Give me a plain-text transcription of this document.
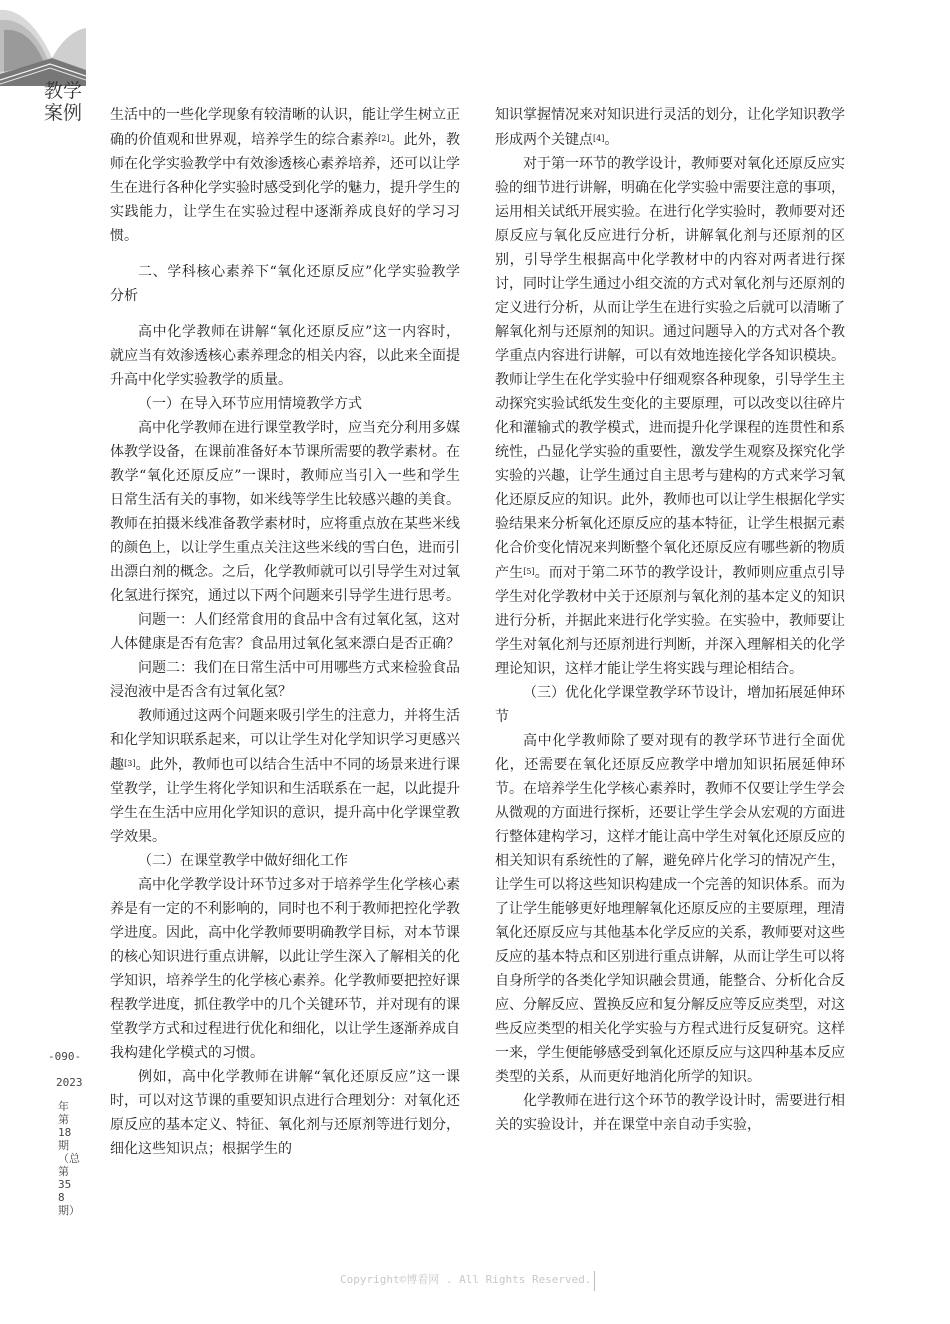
教学案例
-090-
2023
年第18期（总第358期）

生活中的一些化学现象有较清晰的认识，能让学生树立正确的价值观和世界观，培养学生的综合素养[2]。此外，教师在化学实验教学中有效渗透核心素养培养，还可以让学生在进行各种化学实验时感受到化学的魅力，提升学生的实践能力，让学生在实验过程中逐渐养成良好的学习习惯。

二、学科核心素养下“氧化还原反应”化学实验教学分析

高中化学教师在讲解“氧化还原反应”这一内容时，就应当有效渗透核心素养理念的相关内容，以此来全面提升高中化学实验教学的质量。

（一）在导入环节应用情境教学方式

高中化学教师在进行课堂教学时，应当充分利用多媒体教学设备，在课前准备好本节课所需要的教学素材。在教学“氧化还原反应”一课时，教师应当引入一些和学生日常生活有关的事物，如米线等学生比较感兴趣的美食。教师在拍摄米线准备教学素材时，应将重点放在某些米线的颜色上，以让学生重点关注这些米线的雪白色，进而引出漂白剂的概念。之后，化学教师就可以引导学生对过氧化氢进行探究，通过以下两个问题来引导学生进行思考。

问题一：人们经常食用的食品中含有过氧化氢，这对人体健康是否有危害？食品用过氧化氢来漂白是否正确？

问题二：我们在日常生活中可用哪些方式来检验食品浸泡液中是否含有过氧化氢？

教师通过这两个问题来吸引学生的注意力，并将生活和化学知识联系起来，可以让学生对化学知识学习更感兴趣[3]。此外，教师也可以结合生活中不同的场景来进行课堂教学，让学生将化学知识和生活联系在一起，以此提升学生在生活中应用化学知识的意识，提升高中化学课堂教学效果。

（二）在课堂教学中做好细化工作

高中化学教学设计环节过多对于培养学生化学核心素养是有一定的不利影响的，同时也不利于教师把控化学教学进度。因此，高中化学教师要明确教学目标，对本节课的核心知识进行重点讲解，以此让学生深入了解相关的化学知识，培养学生的化学核心素养。化学教师要把控好课程教学进度，抓住教学中的几个关键环节，并对现有的课堂教学方式和过程进行优化和细化，以让学生逐渐养成自我构建化学模式的习惯。

例如，高中化学教师在讲解“氧化还原反应”这一课时，可以对这节课的重要知识点进行合理划分：对氧化还原反应的基本定义、特征、氧化剂与还原剂等进行划分，细化这些知识点；根据学生的

知识掌握情况来对知识进行灵活的划分，让化学知识教学形成两个关键点[4]。

对于第一环节的教学设计，教师要对氧化还原反应实验的细节进行讲解，明确在化学实验中需要注意的事项，运用相关试纸开展实验。在进行化学实验时，教师要对还原反应与氧化反应进行分析，讲解氧化剂与还原剂的区别，引导学生根据高中化学教材中的内容对两者进行探讨，同时让学生通过小组交流的方式对氧化剂与还原剂的定义进行分析，从而让学生在进行实验之后就可以清晰了解氧化剂与还原剂的知识。通过问题导入的方式对各个教学重点内容进行讲解，可以有效地连接化学各知识模块。教师让学生在化学实验中仔细观察各种现象，引导学生主动探究实验试纸发生变化的主要原理，可以改变以往碎片化和灌输式的教学模式，进而提升化学课程的连贯性和系统性，凸显化学实验的重要性，激发学生观察及探究化学实验的兴趣，让学生通过自主思考与建构的方式来学习氧化还原反应的知识。此外，教师也可以让学生根据化学实验结果来分析氧化还原反应的基本特征，让学生根据元素化合价变化情况来判断整个氧化还原反应有哪些新的物质产生[5]。而对于第二环节的教学设计，教师则应重点引导学生对化学教材中关于还原剂与氧化剂的基本定义的知识进行分析，并据此来进行化学实验。在实验中，教师要让学生对氧化剂与还原剂进行判断，并深入理解相关的化学理论知识，这样才能让学生将实践与理论相结合。

（三）优化化学课堂教学环节设计，增加拓展延伸环节

高中化学教师除了要对现有的教学环节进行全面优化，还需要在氧化还原反应教学中增加知识拓展延伸环节。在培养学生化学核心素养时，教师不仅要让学生学会从微观的方面进行探析，还要让学生学会从宏观的方面进行整体建构学习，这样才能让高中学生对氧化还原反应的相关知识有系统性的了解，避免碎片化学习的情况产生，让学生可以将这些知识构建成一个完善的知识体系。而为了让学生能够更好地理解氧化还原反应的主要原理，理清氧化还原反应与其他基本化学反应的关系，教师要对这些反应的基本特点和区别进行重点讲解，从而让学生可以将自身所学的各类化学知识融会贯通，能整合、分析化合反应、分解反应、置换反应和复分解反应等反应类型，对这些反应类型的相关化学实验与方程式进行反复研究。这样一来，学生便能够感受到氧化还原反应与这四种基本反应类型的关系，从而更好地消化所学的知识。

化学教师在进行这个环节的教学设计时，需要进行相关的实验设计，并在课堂中亲自动手实验，

Copyright©博看网 . All Rights Reserved.
